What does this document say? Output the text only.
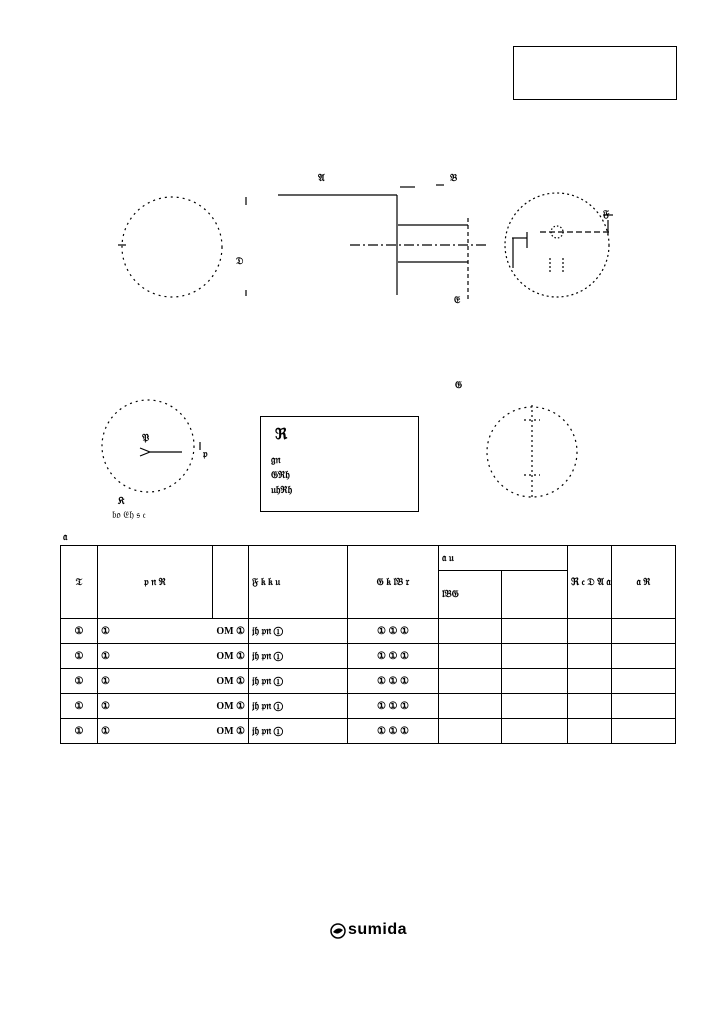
𝔄	𝔅
𝔇
𝔈
𝔉
𝔊
𝔓
𝔭
𝔎
𝔟𝔬 𝔈𝔥 𝔰 𝔠
ℜ
𝔤𝔫
𝔊ℜ𝔥
𝔲𝔥ℜ𝔥
𝔞
𝔗	𝔭 𝔫 ℜ		𝔉 𝔨 𝔨 𝔲	𝔊 𝔨 𝔩𝔅 𝔯	𝔞 𝔲		ℜ 𝔠 𝔇 𝔄 𝔞	𝔞 ℜ
					𝔩𝔅𝔊			
①	① OM ①		𝔧𝔥 𝔭𝔫 ①	① ① ①				
①	① OM ①		𝔧𝔥 𝔭𝔫 ①	① ① ①				
①	① OM ①		𝔧𝔥 𝔭𝔫 ①	① ① ①				
①	① OM ①		𝔧𝔥 𝔭𝔫 ①	① ① ①				
①	① OM ①		𝔧𝔥 𝔭𝔫 ①	① ① ①				
sumida
